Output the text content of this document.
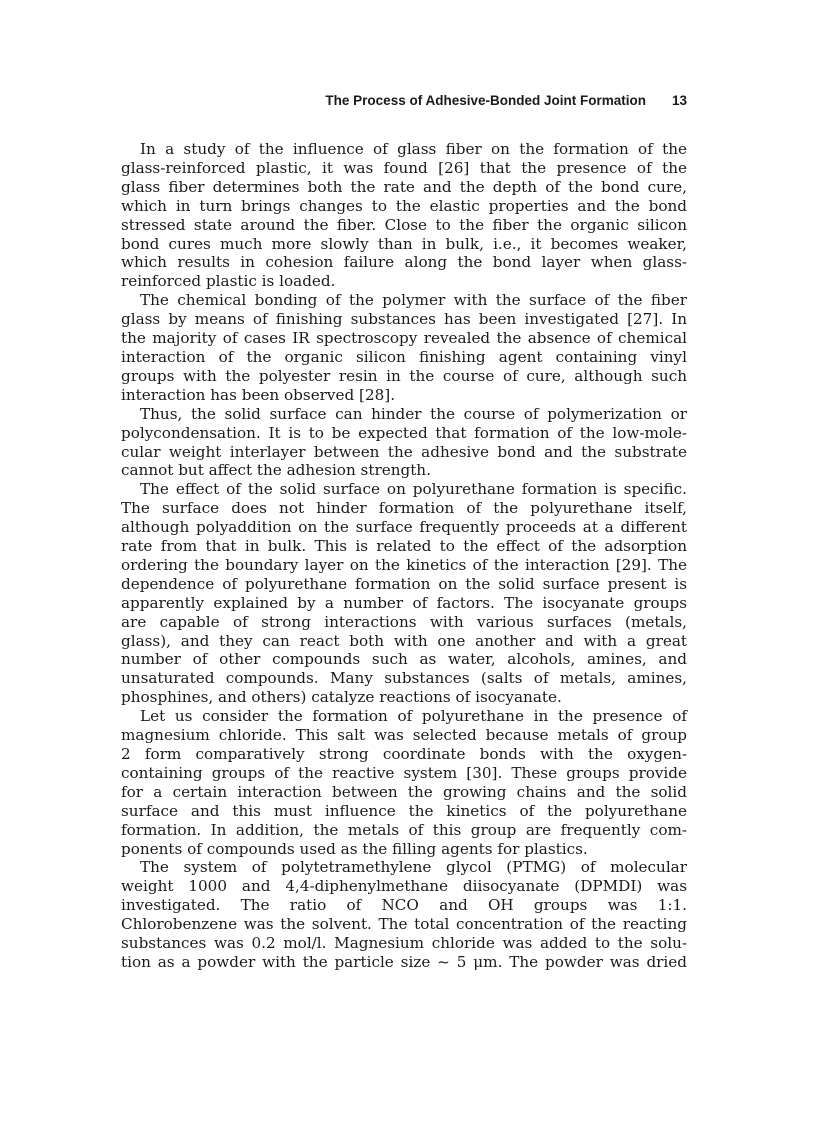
The Process of Adhesive-Bonded Joint Formation 13
In a study of the influence of glass fiber on the formation of the
glass-reinforced plastic, it was found [26] that the presence of the
glass fiber determines both the rate and the depth of the bond cure,
which in turn brings changes to the elastic properties and the bond
stressed state around the fiber. Close to the fiber the organic silicon
bond cures much more slowly than in bulk, i.e., it becomes weaker,
which results in cohesion failure along the bond layer when glass-
reinforced plastic is loaded.
The chemical bonding of the polymer with the surface of the fiber
glass by means of finishing substances has been investigated [27]. In
the majority of cases IR spectroscopy revealed the absence of chemical
interaction of the organic silicon finishing agent containing vinyl
groups with the polyester resin in the course of cure, although such
interaction has been observed [28].
Thus, the solid surface can hinder the course of polymerization or
polycondensation. It is to be expected that formation of the low-mole-
cular weight interlayer between the adhesive bond and the substrate
cannot but affect the adhesion strength.
The effect of the solid surface on polyurethane formation is specific.
The surface does not hinder formation of the polyurethane itself,
although polyaddition on the surface frequently proceeds at a different
rate from that in bulk. This is related to the effect of the adsorption
ordering the boundary layer on the kinetics of the interaction [29]. The
dependence of polyurethane formation on the solid surface present is
apparently explained by a number of factors. The isocyanate groups
are capable of strong interactions with various surfaces (metals,
glass), and they can react both with one another and with a great
number of other compounds such as water, alcohols, amines, and
unsaturated compounds. Many substances (salts of metals, amines,
phosphines, and others) catalyze reactions of isocyanate.
Let us consider the formation of polyurethane in the presence of
magnesium chloride. This salt was selected because metals of group
2 form comparatively strong coordinate bonds with the oxygen-
containing groups of the reactive system [30]. These groups provide
for a certain interaction between the growing chains and the solid
surface and this must influence the kinetics of the polyurethane
formation. In addition, the metals of this group are frequently com-
ponents of compounds used as the filling agents for plastics.
The system of polytetramethylene glycol (PTMG) of molecular
weight 1000 and 4,4-diphenylmethane diisocyanate (DPMDI) was
investigated. The ratio of NCO and OH groups was 1:1.
Chlorobenzene was the solvent. The total concentration of the reacting
substances was 0.2 mol/l. Magnesium chloride was added to the solu-
tion as a powder with the particle size ~ 5 μm. The powder was dried
